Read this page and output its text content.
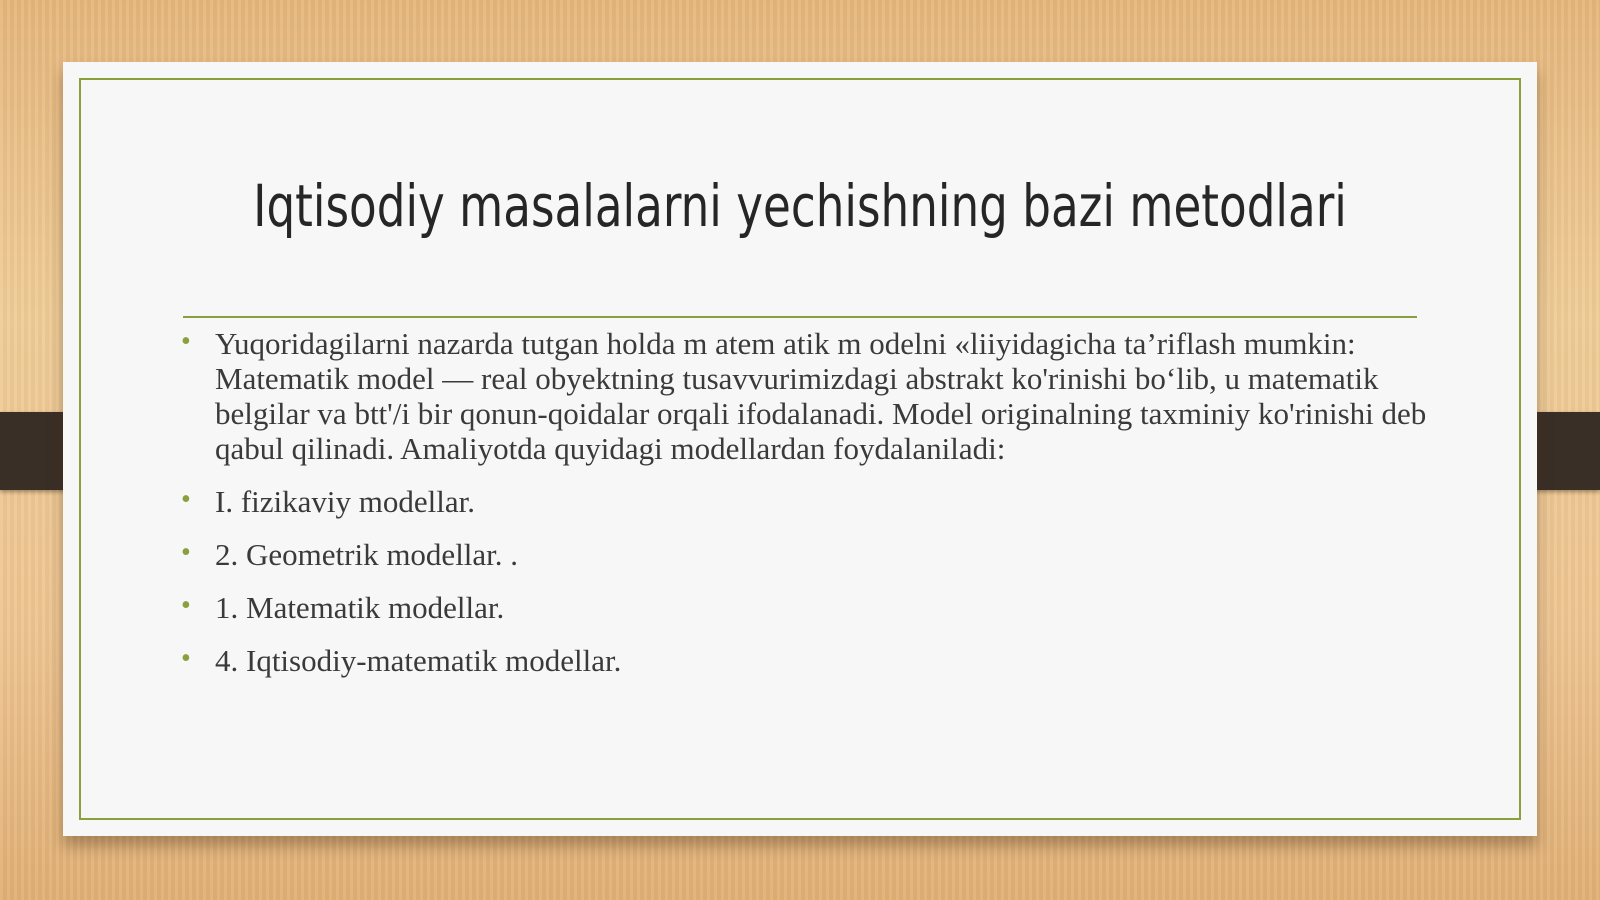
Iqtisodiy masalalarni yechishning bazi metodlari
• Yuqoridagilarni nazarda tutgan holda m atem atik m odelni «liiyidagicha ta’riflash mumkin: Matematik model — real obyektning tusavvurimizdagi abstrakt ko'rinishi bo‘lib, u matematik belgilar va btt'/i bir qonun-qoidalar orqali ifodalanadi. Model originalning taxminiy ko'rinishi deb qabul qilinadi. Amaliyotda quyidagi modellardan foydalaniladi:
• I. fizikaviy modellar.
• 2. Geometrik modellar. .
• 1. Matematik modellar.
• 4. Iqtisodiy-matematik modellar.
